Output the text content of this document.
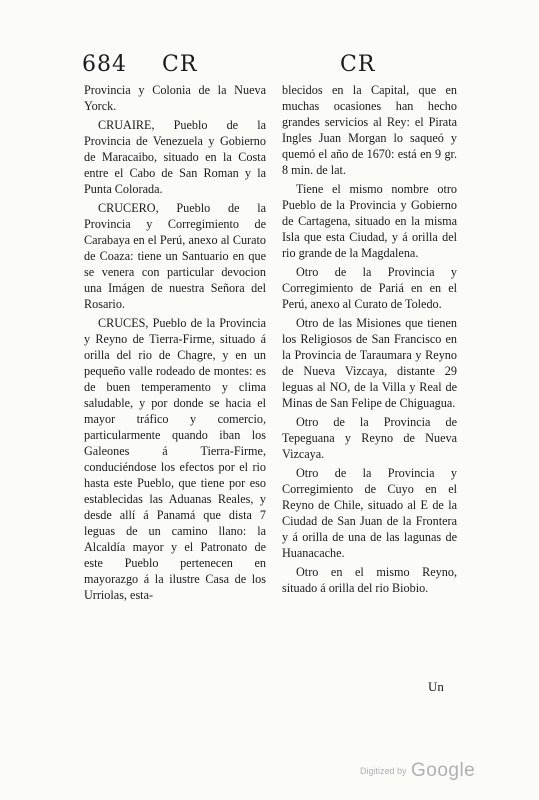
684 CR	CR

Provincia y Colonia de la Nueva Yorck.

CRUAIRE, Pueblo de la Provincia de Venezuela y Gobierno de Maracaibo, situado en la Costa entre el Cabo de San Roman y la Punta Colorada.

CRUCERO, Pueblo de la Provincia y Corregimiento de Carabaya en el Perú, anexo al Curato de Coaza: tiene un Santuario en que se venera con particular devocion una Imágen de nuestra Señora del Rosario.

CRUCES, Pueblo de la Provincia y Reyno de Tierra-Firme, situado á orilla del rio de Chagre, y en un pequeño valle rodeado de montes: es de buen temperamento y clima saludable, y por donde se hacia el mayor tráfico y comercio, particularmente quando iban los Galeones á Tierra-Firme, conduciéndose los efectos por el rio hasta este Pueblo, que tiene por eso establecidas las Aduanas Reales, y desde allí á Panamá que dista 7 leguas de un camino llano: la Alcaldía mayor y el Patronato de este Pueblo pertenecen en mayorazgo á la ilustre Casa de los Urriolas, esta-

blecidos en la Capital, que en muchas ocasiones han hecho grandes servicios al Rey: el Pirata Ingles Juan Morgan lo saqueó y quemó el año de 1670: está en 9 gr. 8 min. de lat.

Tiene el mismo nombre otro Pueblo de la Provincia y Gobierno de Cartagena, situado en la misma Isla que esta Ciudad, y á orilla del rio grande de la Magdalena.

Otro de la Provincia y Corregimiento de Pariá en en el Perú, anexo al Curato de Toledo.

Otro de las Misiones que tienen los Religiosos de San Francisco en la Provincia de Taraumara y Reyno de Nueva Vizcaya, distante 29 leguas al NO, de la Villa y Real de Minas de San Felipe de Chiguagua.

Otro de la Provincia de Tepeguana y Reyno de Nueva Vizcaya.

Otro de la Provincia y Corregimiento de Cuyo en el Reyno de Chile, situado al E de la Ciudad de San Juan de la Frontera y á orilla de una de las lagunas de Huanacache.

Otro en el mismo Reyno, situado á orilla del rio Biobio.

Un
Digitized by Google
